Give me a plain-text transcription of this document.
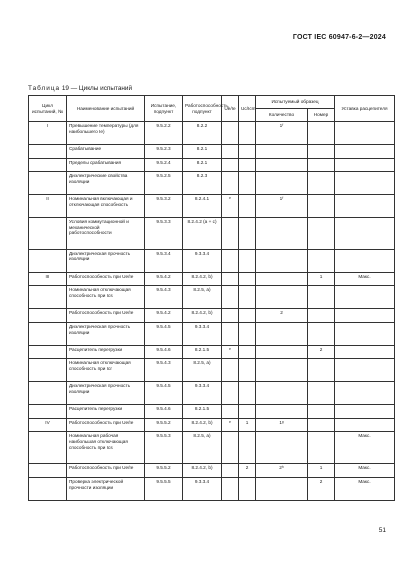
ГОСТ IEC 60947-6-2—2024
Таблица 19 — Циклы испытаний
Цикл испытаний, №	Наименование испытаний	Испытание, подпункт	Работоспособность, подпункт	Ue/Ie	Uc/Icm	Испытуемый образец		Уставка расцепителя
						Количество	Номер	
I	Превышение температуры (для наибольшего Ie)	9.5.2.2	8.2.2			1ᶠ		
	Срабатывание	9.5.2.3	8.2.1					
	Пределы срабатывания	9.5.2.4	8.2.1					
	Диэлектрические свойства изоляции	9.5.2.5	8.2.3					
II	Номинальная включающая и отключающая способность	9.5.3.2	8.2.4.1	ᵉ		1ᶠ		
	Условия коммутационной и механической работоспособности	9.5.3.3	8.2.4.2 (a + c)					
	Диэлектрическая прочность изоляции	9.5.3.4	9.3.3.4					
III	Работоспособность при Ue/Ie	9.5.4.2	8.2.4.2, b)				1	Макс.
	Номинальная отключающая способность при Ics	9.5.4.3	8.2.5, a)					
	Работоспособность при Ue/Ie	9.5.4.2	8.2.4.2, b)			2		
	Диэлектрическая прочность изоляции	9.5.4.5	9.3.3.4					
	Расцепитель перегрузки	9.5.4.6	8.2.1.5	ᵉ			2	
	Номинальная отключающая способность при Icr	9.5.4.3	8.2.5, a)					
	Диэлектрическая прочность изоляции	9.5.4.5	9.3.3.4					
	Расцепитель перегрузки	9.5.4.6	8.2.1.5					
IV	Работоспособность при Ue/Ie	9.5.5.2	8.2.4.2, b)	ᵉ	1	1ᵍ		
	Номинальная рабочая наибольшая отключающая способность при Ics	9.5.5.3	8.2.5, a)					Макс.
	Работоспособность при Ue/Ie	9.5.5.2	8.2.4.2, b)		2	2ʰ	1	Макс.
	Проверка электрической прочности изоляции	9.5.5.5	9.3.3.4				2	Макс.
51
